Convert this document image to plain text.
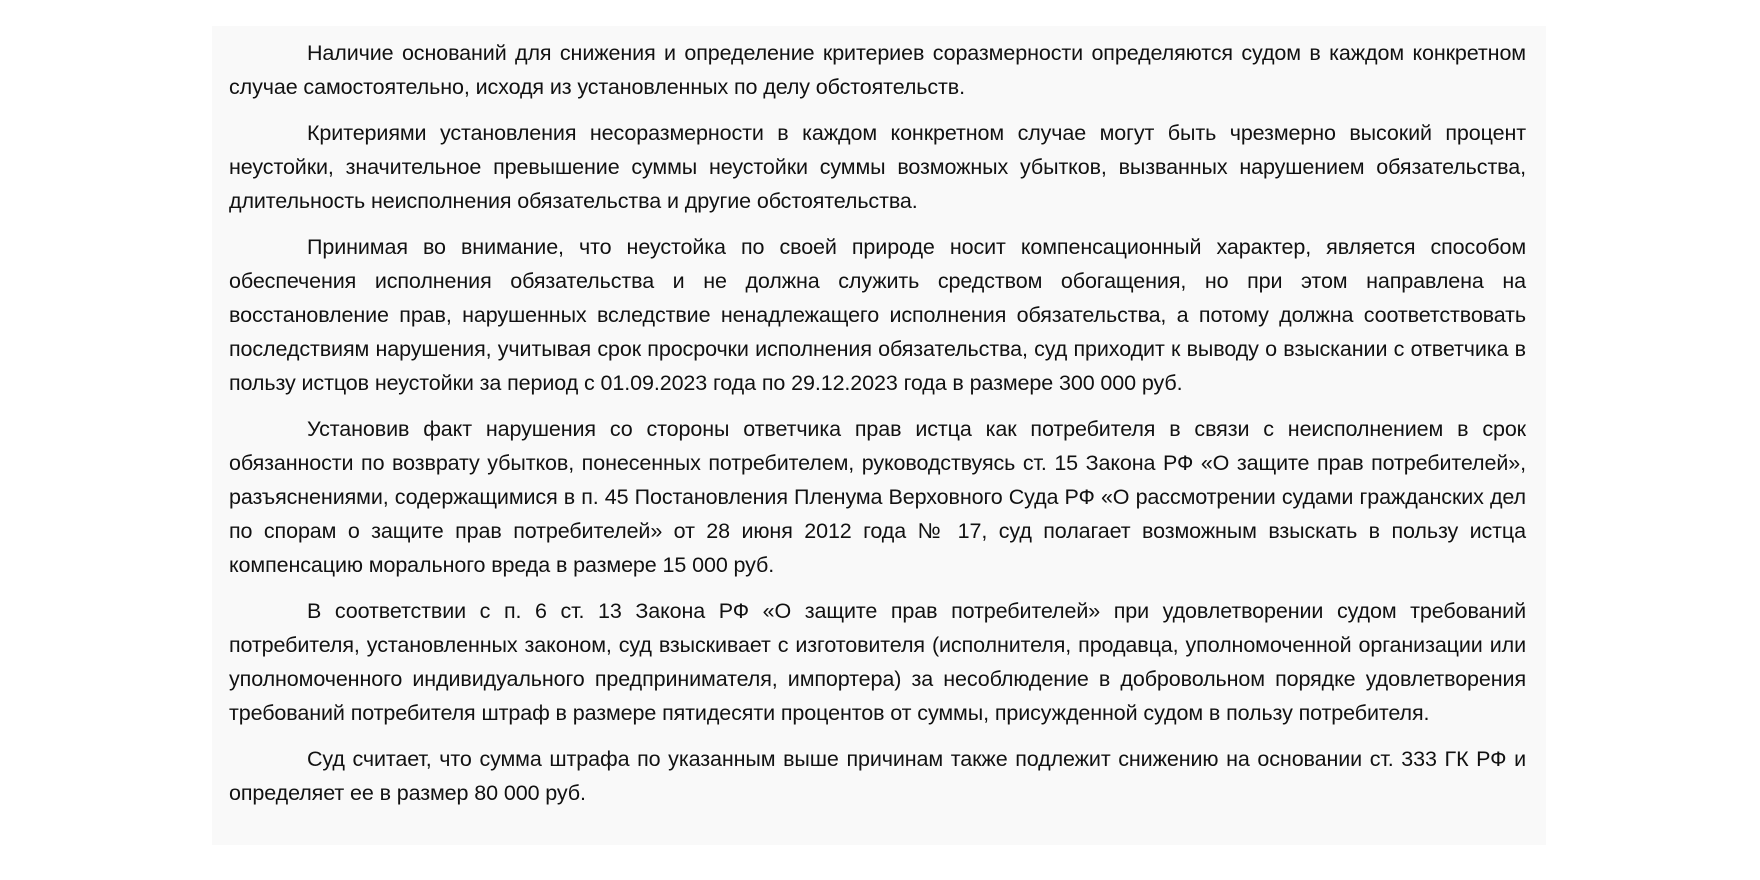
Наличие оснований для снижения и определение критериев соразмерности определяются судом в каждом конкретном случае самостоятельно, исходя из установленных по делу обстоятельств.

Критериями установления несоразмерности в каждом конкретном случае могут быть чрезмерно высокий процент неустойки, значительное превышение суммы неустойки суммы возможных убытков, вызванных нарушением обязательства, длительность неисполнения обязательства и другие обстоятельства.

Принимая во внимание, что неустойка по своей природе носит компенсационный характер, является способом обеспечения исполнения обязательства и не должна служить средством обогащения, но при этом направлена на восстановление прав, нарушенных вследствие ненадлежащего исполнения обязательства, а потому должна соответствовать последствиям нарушения, учитывая срок просрочки исполнения обязательства, суд приходит к выводу о взыскании с ответчика в пользу истцов неустойки за период с 01.09.2023 года по 29.12.2023 года в размере 300 000 руб.

Установив факт нарушения со стороны ответчика прав истца как потребителя в связи с неисполнением в срок обязанности по возврату убытков, понесенных потребителем, руководствуясь ст. 15 Закона РФ «О защите прав потребителей», разъяснениями, содержащимися в п. 45 Постановления Пленума Верховного Суда РФ «О рассмотрении судами гражданских дел по спорам о защите прав потребителей» от 28 июня 2012 года № 17, суд полагает возможным взыскать в пользу истца компенсацию морального вреда в размере 15 000 руб.

В соответствии с п. 6 ст. 13 Закона РФ «О защите прав потребителей» при удовлетворении судом требований потребителя, установленных законом, суд взыскивает с изготовителя (исполнителя, продавца, уполномоченной организации или уполномоченного индивидуального предпринимателя, импортера) за несоблюдение в добровольном порядке удовлетворения требований потребителя штраф в размере пятидесяти процентов от суммы, присужденной судом в пользу потребителя.

Суд считает, что сумма штрафа по указанным выше причинам также подлежит снижению на основании ст. 333 ГК РФ и определяет ее в размер 80 000 руб.
